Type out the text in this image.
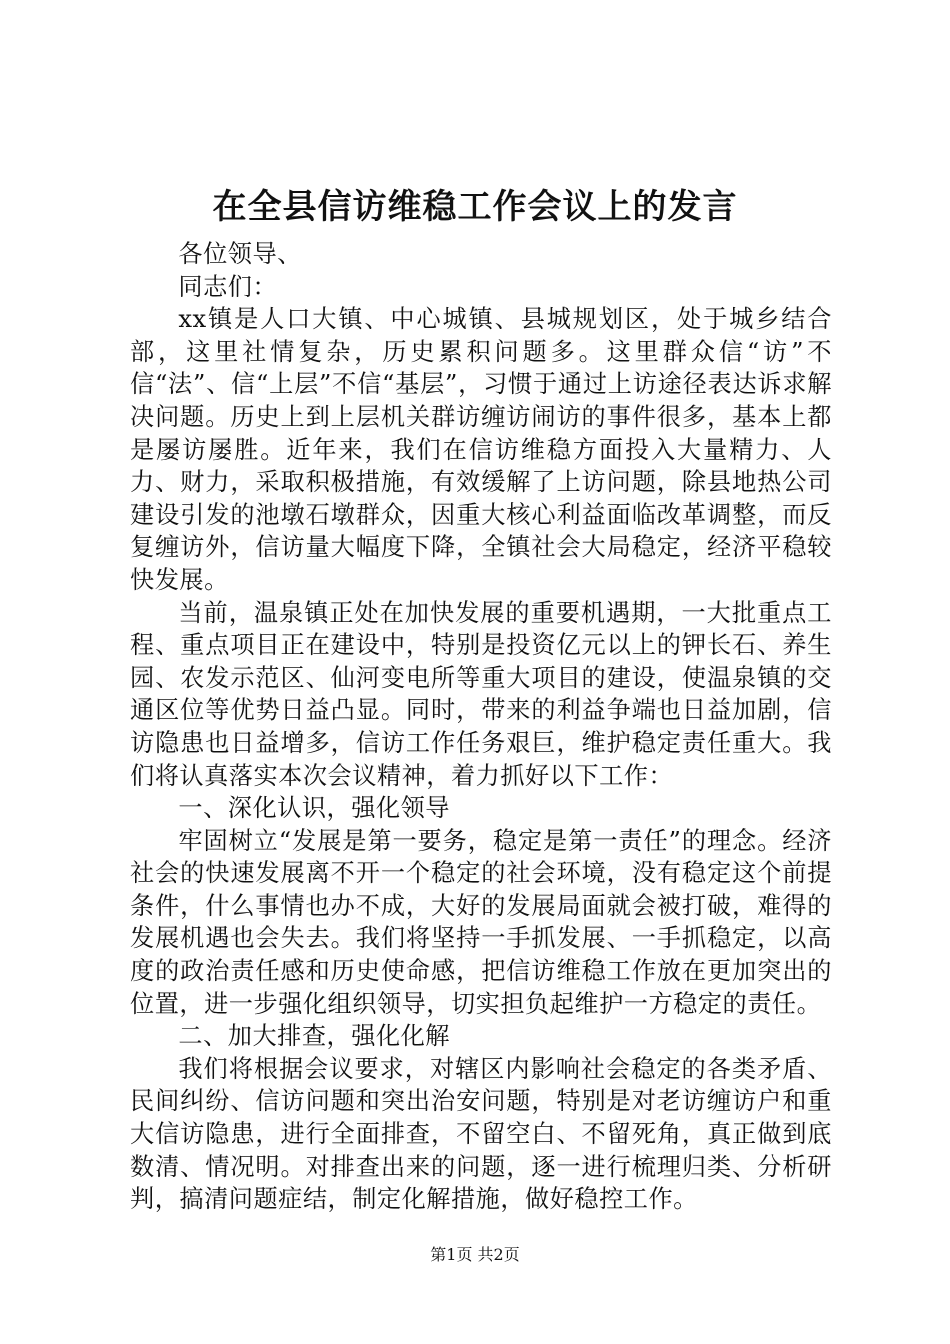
在全县信访维稳工作会议上的发言

各位领导、

同志们：

xx镇是人口大镇、中心城镇、县城规划区，处于城乡结合部，这里社情复杂，历史累积问题多。这里群众信“访”不信“法”、信“上层”不信“基层”，习惯于通过上访途径表达诉求解决问题。历史上到上层机关群访缠访闹访的事件很多，基本上都是屡访屡胜。近年来，我们在信访维稳方面投入大量精力、人力、财力，采取积极措施，有效缓解了上访问题，除县地热公司建设引发的池墩石墩群众，因重大核心利益面临改革调整，而反复缠访外，信访量大幅度下降，全镇社会大局稳定，经济平稳较快发展。

当前，温泉镇正处在加快发展的重要机遇期，一大批重点工程、重点项目正在建设中，特别是投资亿元以上的钾长石、养生园、农发示范区、仙河变电所等重大项目的建设，使温泉镇的交通区位等优势日益凸显。同时，带来的利益争端也日益加剧，信访隐患也日益增多，信访工作任务艰巨，维护稳定责任重大。我们将认真落实本次会议精神，着力抓好以下工作：

一、深化认识，强化领导

牢固树立“发展是第一要务，稳定是第一责任”的理念。经济社会的快速发展离不开一个稳定的社会环境，没有稳定这个前提条件，什么事情也办不成，大好的发展局面就会被打破，难得的发展机遇也会失去。我们将坚持一手抓发展、一手抓稳定，以高度的政治责任感和历史使命感，把信访维稳工作放在更加突出的位置，进一步强化组织领导，切实担负起维护一方稳定的责任。

二、加大排查，强化化解

我们将根据会议要求，对辖区内影响社会稳定的各类矛盾、民间纠纷、信访问题和突出治安问题，特别是对老访缠访户和重大信访隐患，进行全面排查，不留空白、不留死角，真正做到底数清、情况明。对排查出来的问题，逐一进行梳理归类、分析研判，搞清问题症结，制定化解措施，做好稳控工作。

第1页 共2页
